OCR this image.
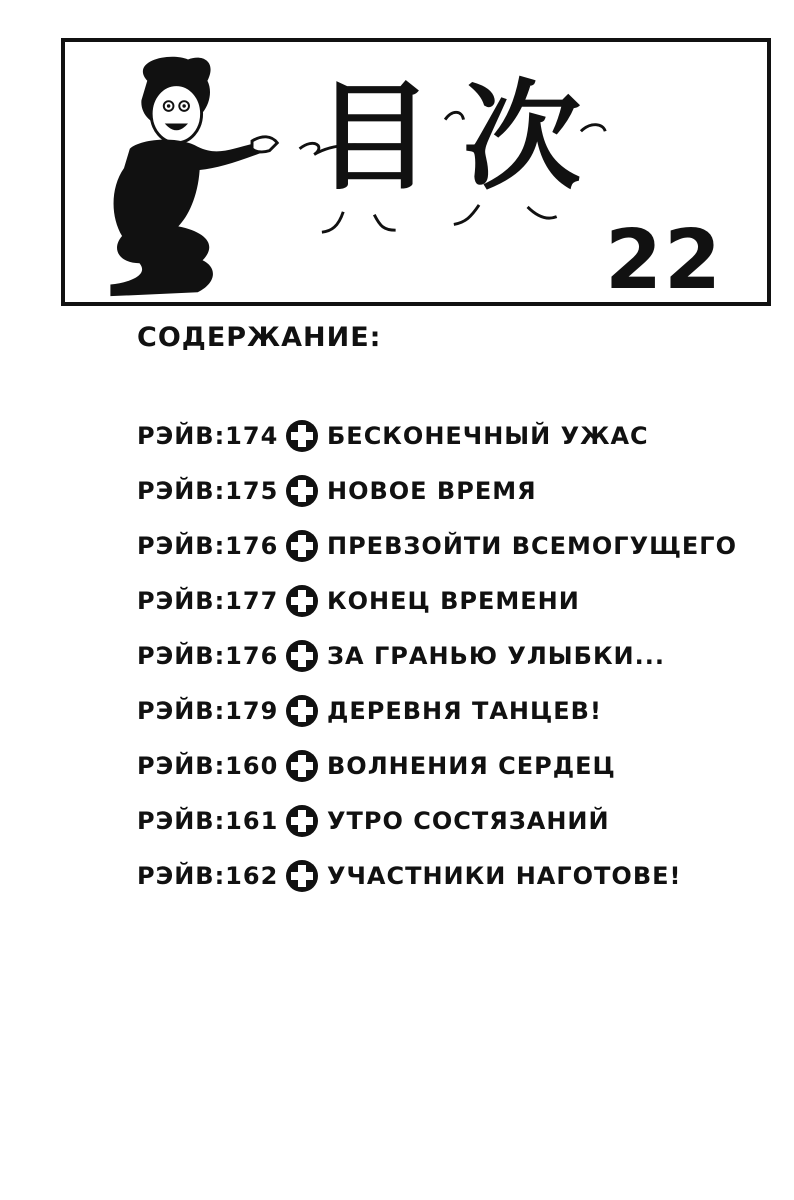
目次
22
СОДЕРЖАНИЕ:
РЭЙВ:174 БЕСКОНЕЧНЫЙ УЖАС
РЭЙВ:175 НОВОЕ ВРЕМЯ
РЭЙВ:176 ПРЕВЗОЙТИ ВСЕМОГУЩЕГО
РЭЙВ:177 КОНЕЦ ВРЕМЕНИ
РЭЙВ:176 ЗА ГРАНЬЮ УЛЫБКИ...
РЭЙВ:179 ДЕРЕВНЯ ТАНЦЕВ!
РЭЙВ:160 ВОЛНЕНИЯ СЕРДЕЦ
РЭЙВ:161 УТРО СОСТЯЗАНИЙ
РЭЙВ:162 УЧАСТНИКИ НАГОТОВЕ!
